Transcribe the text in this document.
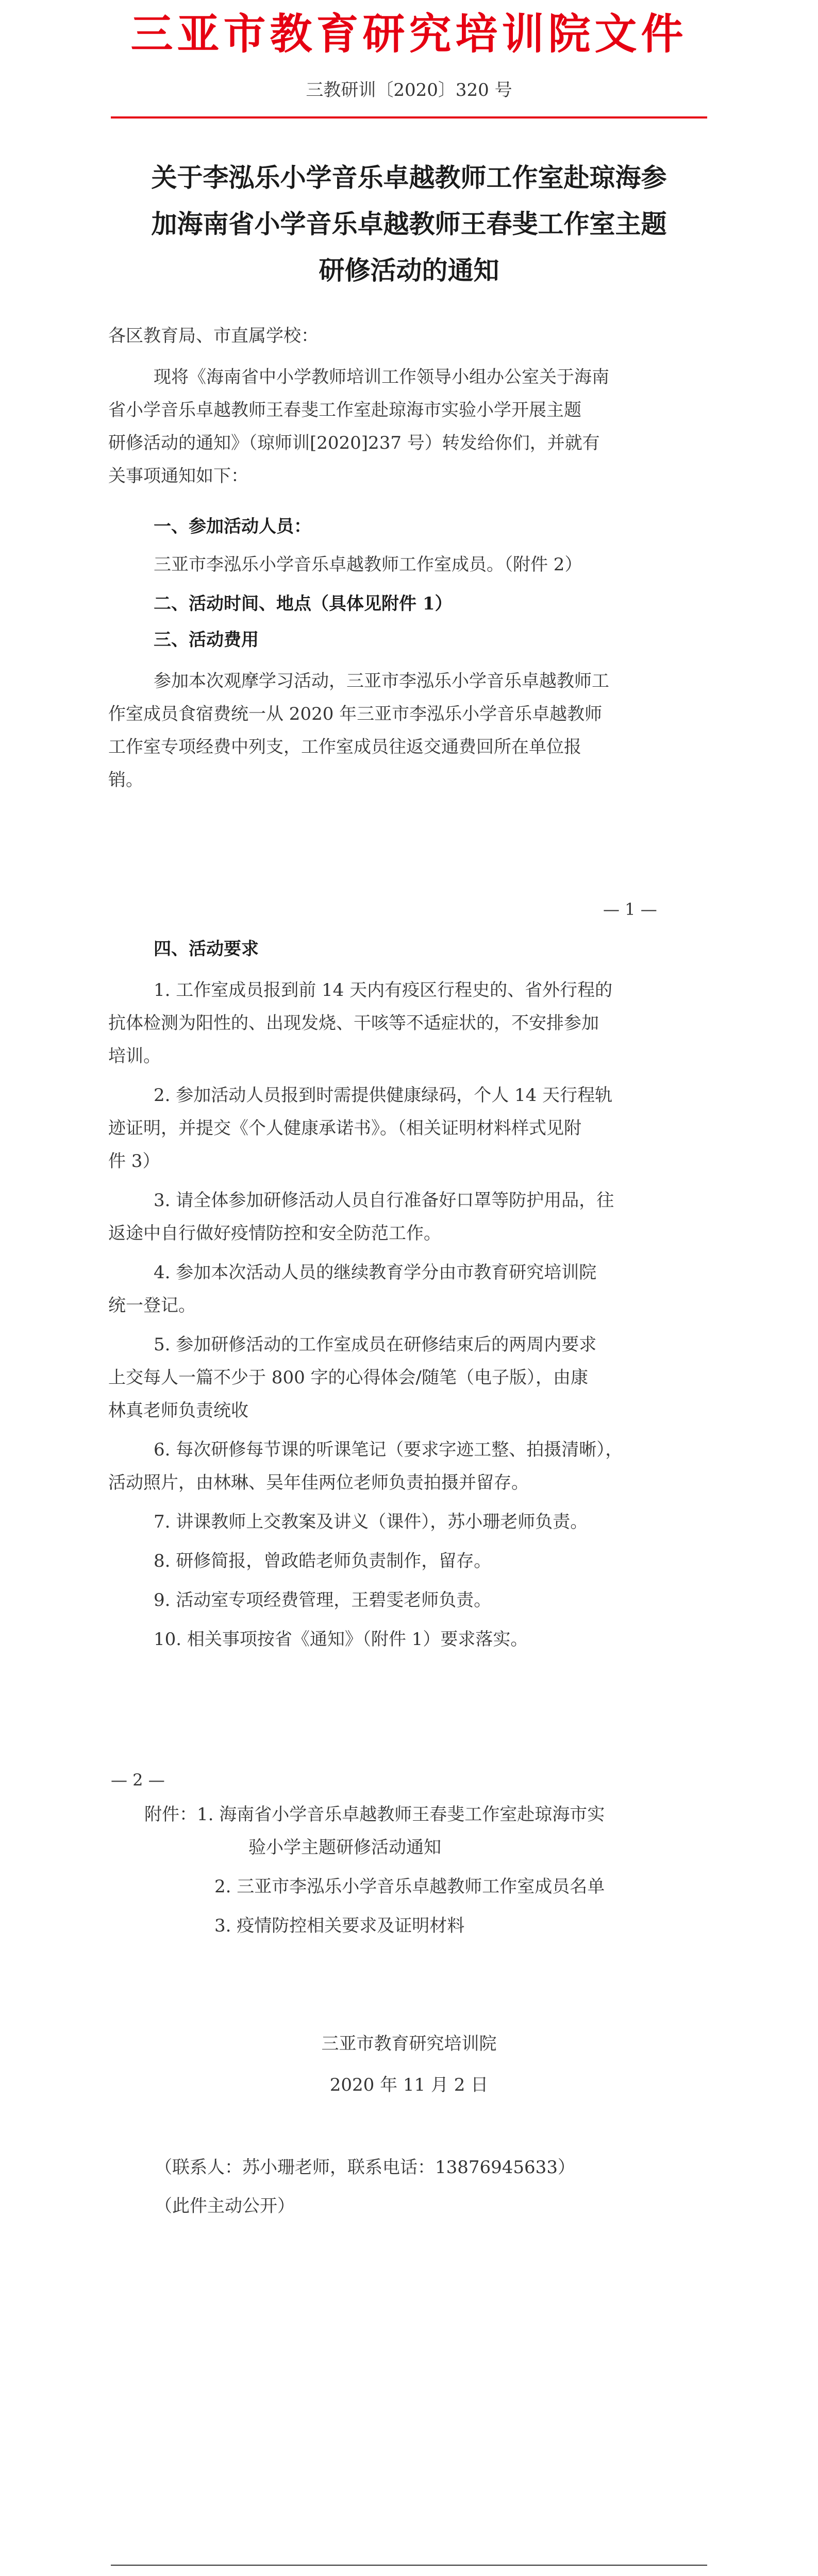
三亚市教育研究培训院文件
三教研训〔2020〕320 号
关于李泓乐小学音乐卓越教师工作室赴琼海参
加海南省小学音乐卓越教师王春斐工作室主题
研修活动的通知
各区教育局、市直属学校：
现将《海南省中小学教师培训工作领导小组办公室关于海南
省小学音乐卓越教师王春斐工作室赴琼海市实验小学开展主题
研修活动的通知》（琼师训[2020]237 号）转发给你们，并就有
关事项通知如下：
一、参加活动人员：
三亚市李泓乐小学音乐卓越教师工作室成员。（附件 2）
二、活动时间、地点（具体见附件 1）
三、活动费用
参加本次观摩学习活动，三亚市李泓乐小学音乐卓越教师工
作室成员食宿费统一从 2020 年三亚市李泓乐小学音乐卓越教师
工作室专项经费中列支，工作室成员往返交通费回所在单位报
销。
— 1 —
四、活动要求
1. 工作室成员报到前 14 天内有疫区行程史的、省外行程的
抗体检测为阳性的、出现发烧、干咳等不适症状的，不安排参加
培训。
2. 参加活动人员报到时需提供健康绿码，个人 14 天行程轨
迹证明，并提交《个人健康承诺书》。（相关证明材料样式见附
件 3）
3. 请全体参加研修活动人员自行准备好口罩等防护用品，往
返途中自行做好疫情防控和安全防范工作。
4. 参加本次活动人员的继续教育学分由市教育研究培训院
统一登记。
5. 参加研修活动的工作室成员在研修结束后的两周内要求
上交每人一篇不少于 800 字的心得体会/随笔（电子版），由康
林真老师负责统收
6. 每次研修每节课的听课笔记（要求字迹工整、拍摄清晰），
活动照片，由林琳、吴年佳两位老师负责拍摄并留存。
7. 讲课教师上交教案及讲义（课件），苏小珊老师负责。
8. 研修简报，曾政皓老师负责制作，留存。
9. 活动室专项经费管理，王碧雯老师负责。
10. 相关事项按省《通知》（附件 1）要求落实。
— 2 —
附件：1. 海南省小学音乐卓越教师王春斐工作室赴琼海市实
验小学主题研修活动通知
2. 三亚市李泓乐小学音乐卓越教师工作室成员名单
3. 疫情防控相关要求及证明材料
三亚市教育研究培训院
2020 年 11 月 2 日
（联系人：苏小珊老师，联系电话：13876945633）
（此件主动公开）
